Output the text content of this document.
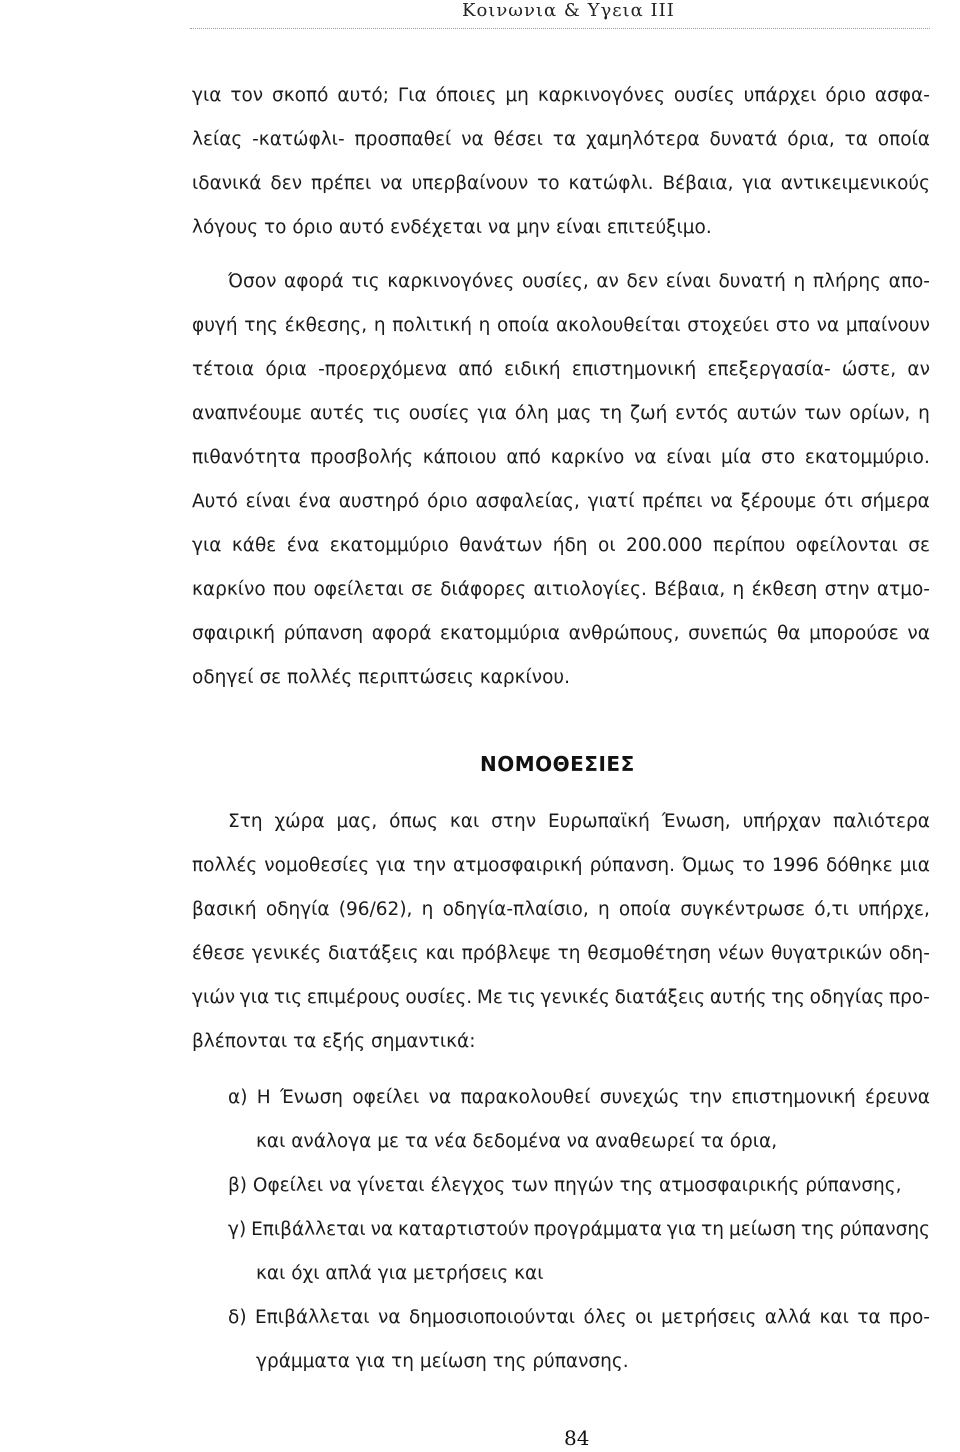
Κοινωνια & Υγεια ΙΙΙ
για τον σκοπό αυτό; Για όποιες μη καρκινογόνες ουσίες υπάρχει όριο ασφα-
λείας -κατώφλι- προσπαθεί να θέσει τα χαμηλότερα δυνατά όρια, τα οποία
ιδανικά δεν πρέπει να υπερβαίνουν το κατώφλι. Βέβαια, για αντικειμενικούς
λόγους το όριο αυτό ενδέχεται να μην είναι επιτεύξιμο.
Όσον αφορά τις καρκινογόνες ουσίες, αν δεν είναι δυνατή η πλήρης απο-
φυγή της έκθεσης, η πολιτική η οποία ακολουθείται στοχεύει στο να μπαίνουν
τέτοια όρια -προερχόμενα από ειδική επιστημονική επεξεργασία- ώστε, αν
αναπνέουμε αυτές τις ουσίες για όλη μας τη ζωή εντός αυτών των ορίων, η
πιθανότητα προσβολής κάποιου από καρκίνο να είναι μία στο εκατομμύριο.
Αυτό είναι ένα αυστηρό όριο ασφαλείας, γιατί πρέπει να ξέρουμε ότι σήμερα
για κάθε ένα εκατομμύριο θανάτων ήδη οι 200.000 περίπου οφείλονται σε
καρκίνο που οφείλεται σε διάφορες αιτιολογίες. Βέβαια, η έκθεση στην ατμο-
σφαιρική ρύπανση αφορά εκατομμύρια ανθρώπους, συνεπώς θα μπορούσε να
οδηγεί σε πολλές περιπτώσεις καρκίνου.
ΝΟΜΟΘΕΣΙΕΣ
Στη χώρα μας, όπως και στην Ευρωπαϊκή Ένωση, υπήρχαν παλιότερα
πολλές νομοθεσίες για την ατμοσφαιρική ρύπανση. Όμως το 1996 δόθηκε μια
βασική οδηγία (96/62), η οδηγία-πλαίσιο, η οποία συγκέντρωσε ό,τι υπήρχε,
έθεσε γενικές διατάξεις και πρόβλεψε τη θεσμοθέτηση νέων θυγατρικών οδη-
γιών για τις επιμέρους ουσίες. Με τις γενικές διατάξεις αυτής της οδηγίας προ-
βλέπονται τα εξής σημαντικά:
α) Η Ένωση οφείλει να παρακολουθεί συνεχώς την επιστημονική έρευνα
και ανάλογα με τα νέα δεδομένα να αναθεωρεί τα όρια,
β) Οφείλει να γίνεται έλεγχος των πηγών της ατμοσφαιρικής ρύπανσης,
γ) Επιβάλλεται να καταρτιστούν προγράμματα για τη μείωση της ρύπανσης
και όχι απλά για μετρήσεις και
δ) Επιβάλλεται να δημοσιοποιούνται όλες οι μετρήσεις αλλά και τα προ-
γράμματα για τη μείωση της ρύπανσης.
84
